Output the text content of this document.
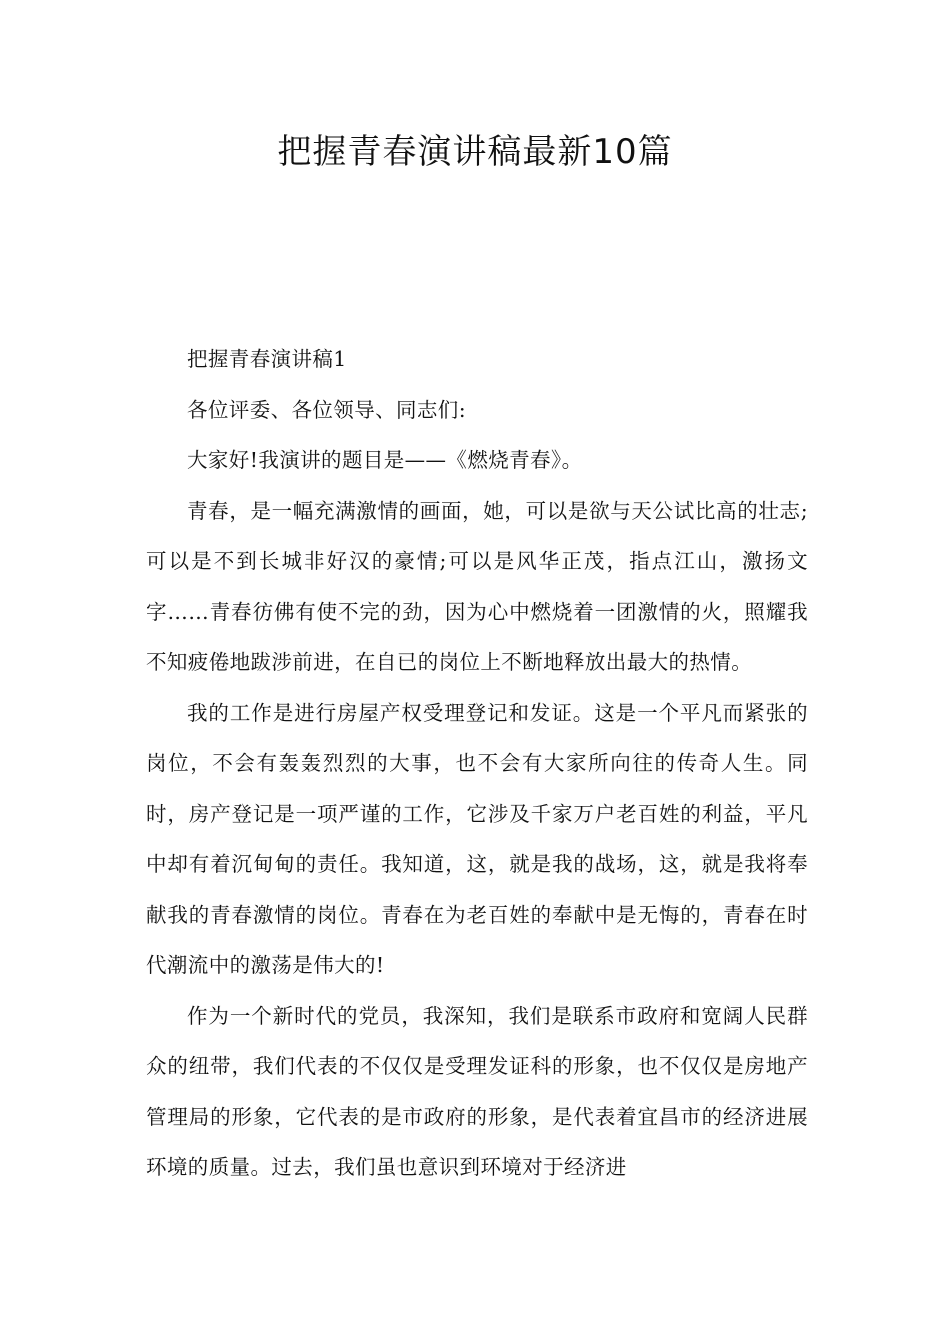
把握青春演讲稿最新10篇

把握青春演讲稿1

各位评委、各位领导、同志们:

大家好!我演讲的题目是——《燃烧青春》。

青春，是一幅充满激情的画面，她，可以是欲与天公试比高的壮志;可以是不到长城非好汉的豪情;可以是风华正茂，指点江山，激扬文字……青春彷佛有使不完的劲，因为心中燃烧着一团激情的火，照耀我不知疲倦地跋涉前进，在自已的岗位上不断地释放出最大的热情。

我的工作是进行房屋产权受理登记和发证。这是一个平凡而紧张的岗位，不会有轰轰烈烈的大事，也不会有大家所向往的传奇人生。同时，房产登记是一项严谨的工作，它涉及千家万户老百姓的利益，平凡中却有着沉甸甸的责任。我知道，这，就是我的战场，这，就是我将奉献我的青春激情的岗位。青春在为老百姓的奉献中是无悔的，青春在时代潮流中的激荡是伟大的!

作为一个新时代的党员，我深知，我们是联系市政府和宽阔人民群众的纽带，我们代表的不仅仅是受理发证科的形象，也不仅仅是房地产管理局的形象，它代表的是市政府的形象，是代表着宜昌市的经济进展环境的质量。过去，我们虽也意识到环境对于经济进
